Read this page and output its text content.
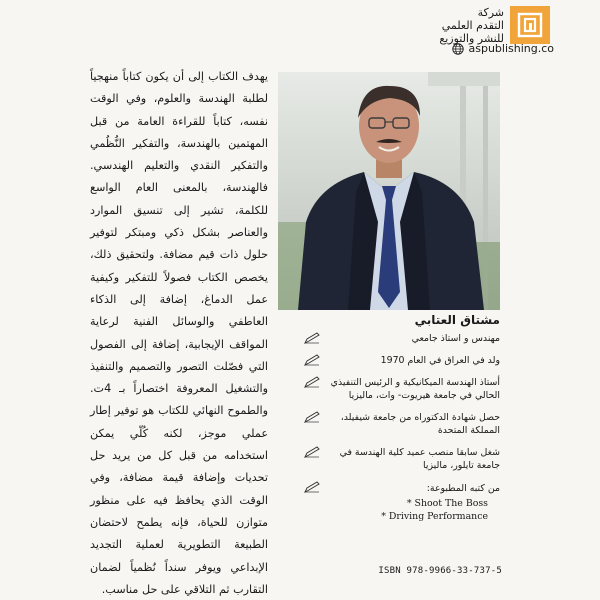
شركة
التقدم العلمي
للنشر والتوزيع
aspublishing.co

يهدف الكتاب إلى أن يكون كتاباً منهجياً لطلبة الهندسة والعلوم، وفي الوقت نفسه، كتاباً للقراءة العامة من قبل المهتمين بالهندسة، والتفكير النُّظُمي والتفكير النقدي والتعليم الهندسي. فالهندسة، بالمعنى العام الواسع للكلمة، تشير إلى تنسيق الموارد والعناصر بشكل ذكي ومبتكر لتوفير حلول ذات قيم مضافة. ولتحقيق ذلك، يخصص الكتاب فصولاً للتفكير وكيفية عمل الدماغ، إضافة إلى الذكاء العاطفي والوسائل الفنية لرعاية المواقف الإيجابية، إضافة إلى الفصول التي فصّلت التصور والتصميم والتنفيذ والتشغيل المعروفة اختصاراً بـ 4ت. والطموح النهائي للكتاب هو توفير إطار عملي موجز، لكنه كُلّي يمكن استخدامه من قبل كل من يريد حل تحديات وإضافة قيمة مضافة، وفي الوقت الذي يحافظ فيه على منظور متوازن للحياة، فإنه يطمح لاحتضان الطبيعة التطويرية لعملية التجديد الإبداعي ويوفر سنداً نُظمياً لضمان التقارب ثم التلاقي على حل مناسب.

مشتاق العتابي
مهندس و استاذ جامعي
ولد في العراق في العام 1970
أستاذ الهندسة الميكانيكية و الرئيس التنفيذي الحالي في جامعة هيريوت- وات، ماليزيا
حصل شهادة الدكتوراه من جامعة شيفيلد، المملكة المتحدة
شغل سابقا منصب عميد كلية الهندسة في جامعة تايلور، ماليزيا
من كتبه المطبوعة:
Shoot The Boss *
Driving Performance *
ISBN 978-9966-33-737-5
